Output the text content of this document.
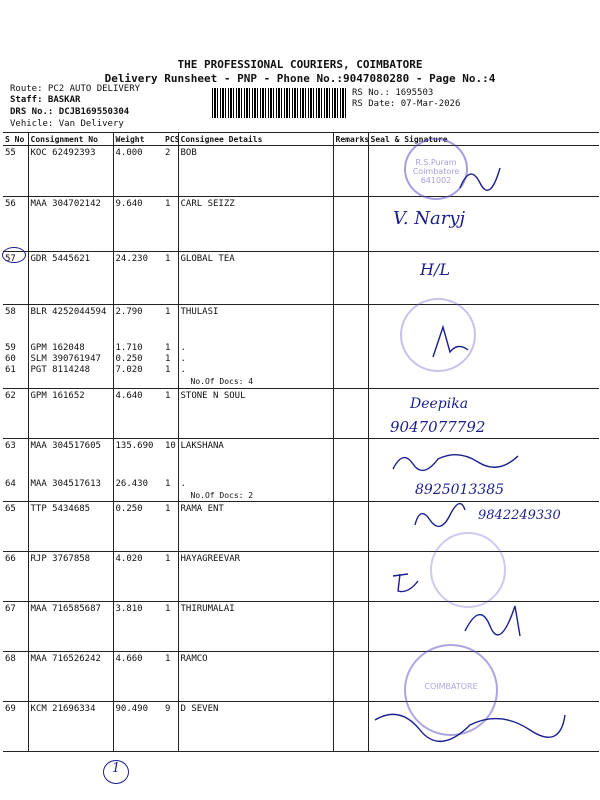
THE PROFESSIONAL COURIERS, COIMBATORE
Delivery Runsheet - PNP - Phone No.:9047080280 - Page No.:4
Route: PC2 AUTO DELIVERY
Staff: BASKAR
DRS No.: DCJB169550304
Vehicle: Van Delivery
RS No.: 1695503
RS Date: 07-Mar-2026
S No	Consignment No	Weight	PCS	Consignee Details	Remarks	Seal & Signature
55	KOC 62492393	4.000	2	BOB		
56	MAA 304702142	9.640	1	CARL SEIZZ		
57	GDR 5445621	24.230	1	GLOBAL TEA		
58	BLR 4252044594	2.790	1	THULASI		
59	GPM 162048	1.710	1	.		
60	SLM 390761947	0.250	1	.		
61	PGT 8114248	7.020	1	.
No.Of Docs: 4		

62	GPM 161652	4.640	1	STONE N SOUL		
63	MAA 304517605	135.690	10	LAKSHANA		
64	MAA 304517613	26.430	1	.
No.Of Docs: 2		

65	TTP 5434685	0.250	1	RAMA ENT		
66	RJP 3767858	4.020	1	HAYAGREEVAR		
67	MAA 716585687	3.810	1	THIRUMALAI		
68	MAA 716526242	4.660	1	RAMCO		
69	KCM 21696334	90.490	9	D SEVEN		
R.S.Puram Coimbatore 641002
V. Naryj
H/L
Deepika
9047077792
8925013385
9842249330
COIMBATORE
1
